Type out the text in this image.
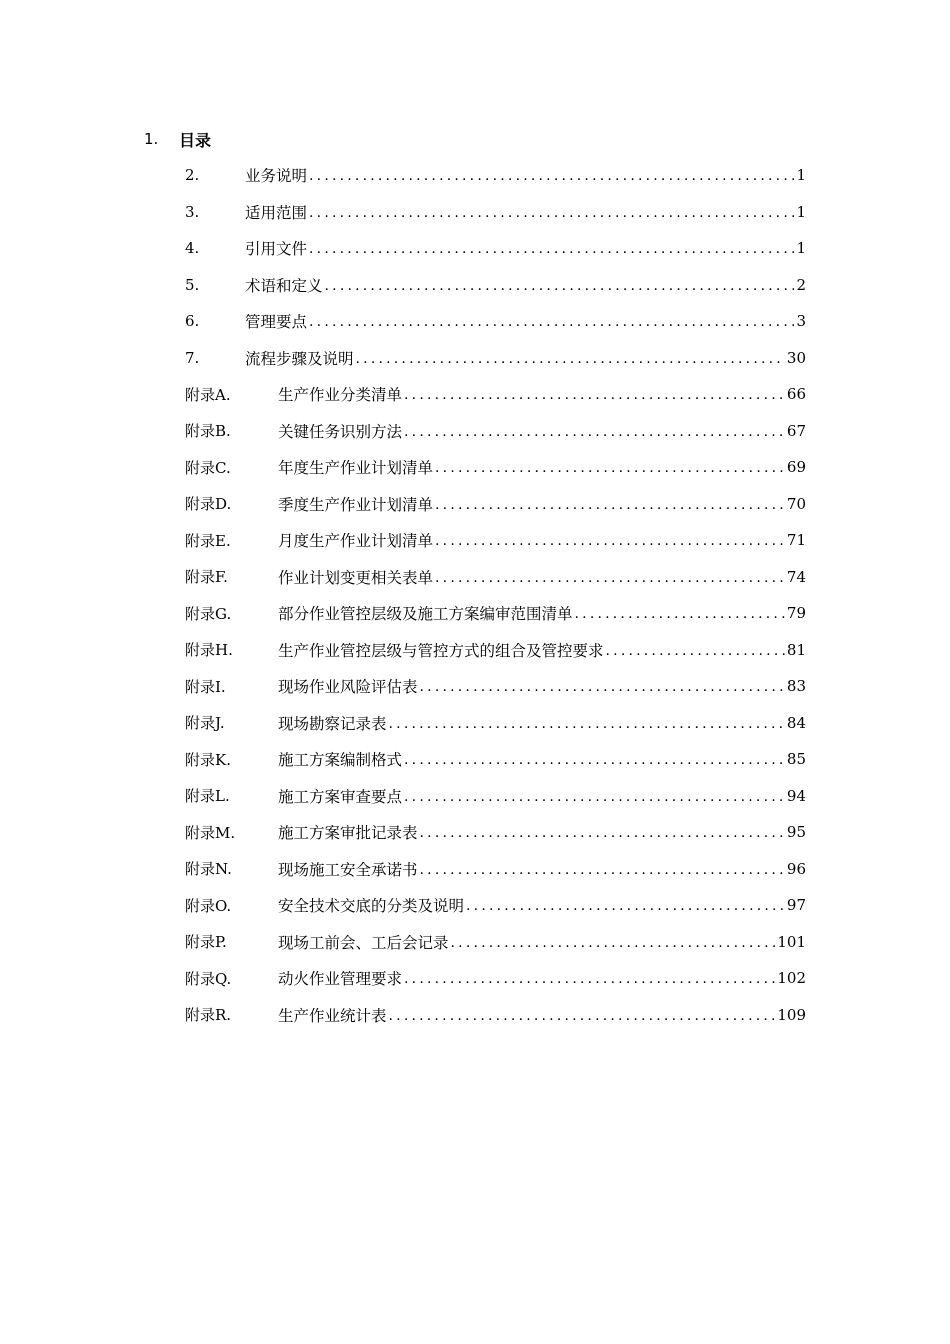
1.	目录
2.	业务说明 .....	1
3.	适用范围 .....	1
4.	引用文件 .....	1
5.	术语和定义 .....	2
6.	管理要点 .....	3
7.	流程步骤及说明 .....	30
附录A.	生产作业分类清单 .....	66
附录B.	关键任务识别方法 .....	67
附录C.	年度生产作业计划清单 .....	69
附录D.	季度生产作业计划清单 .....	70
附录E.	月度生产作业计划清单 .....	71
附录F.	作业计划变更相关表单 .....	74
附录G.	部分作业管控层级及施工方案编审范围清单 .....	79
附录H.	生产作业管控层级与管控方式的组合及管控要求 .....	81
附录I.	现场作业风险评估表 .....	83
附录J.	现场勘察记录表 .....	84
附录K.	施工方案编制格式 .....	85
附录L.	施工方案审查要点 .....	94
附录M.	施工方案审批记录表 .....	95
附录N.	现场施工安全承诺书 .....	96
附录O.	安全技术交底的分类及说明 .....	97
附录P.	现场工前会、工后会记录 .....	101
附录Q.	动火作业管理要求 .....	102
附录R.	生产作业统计表 .....	109
